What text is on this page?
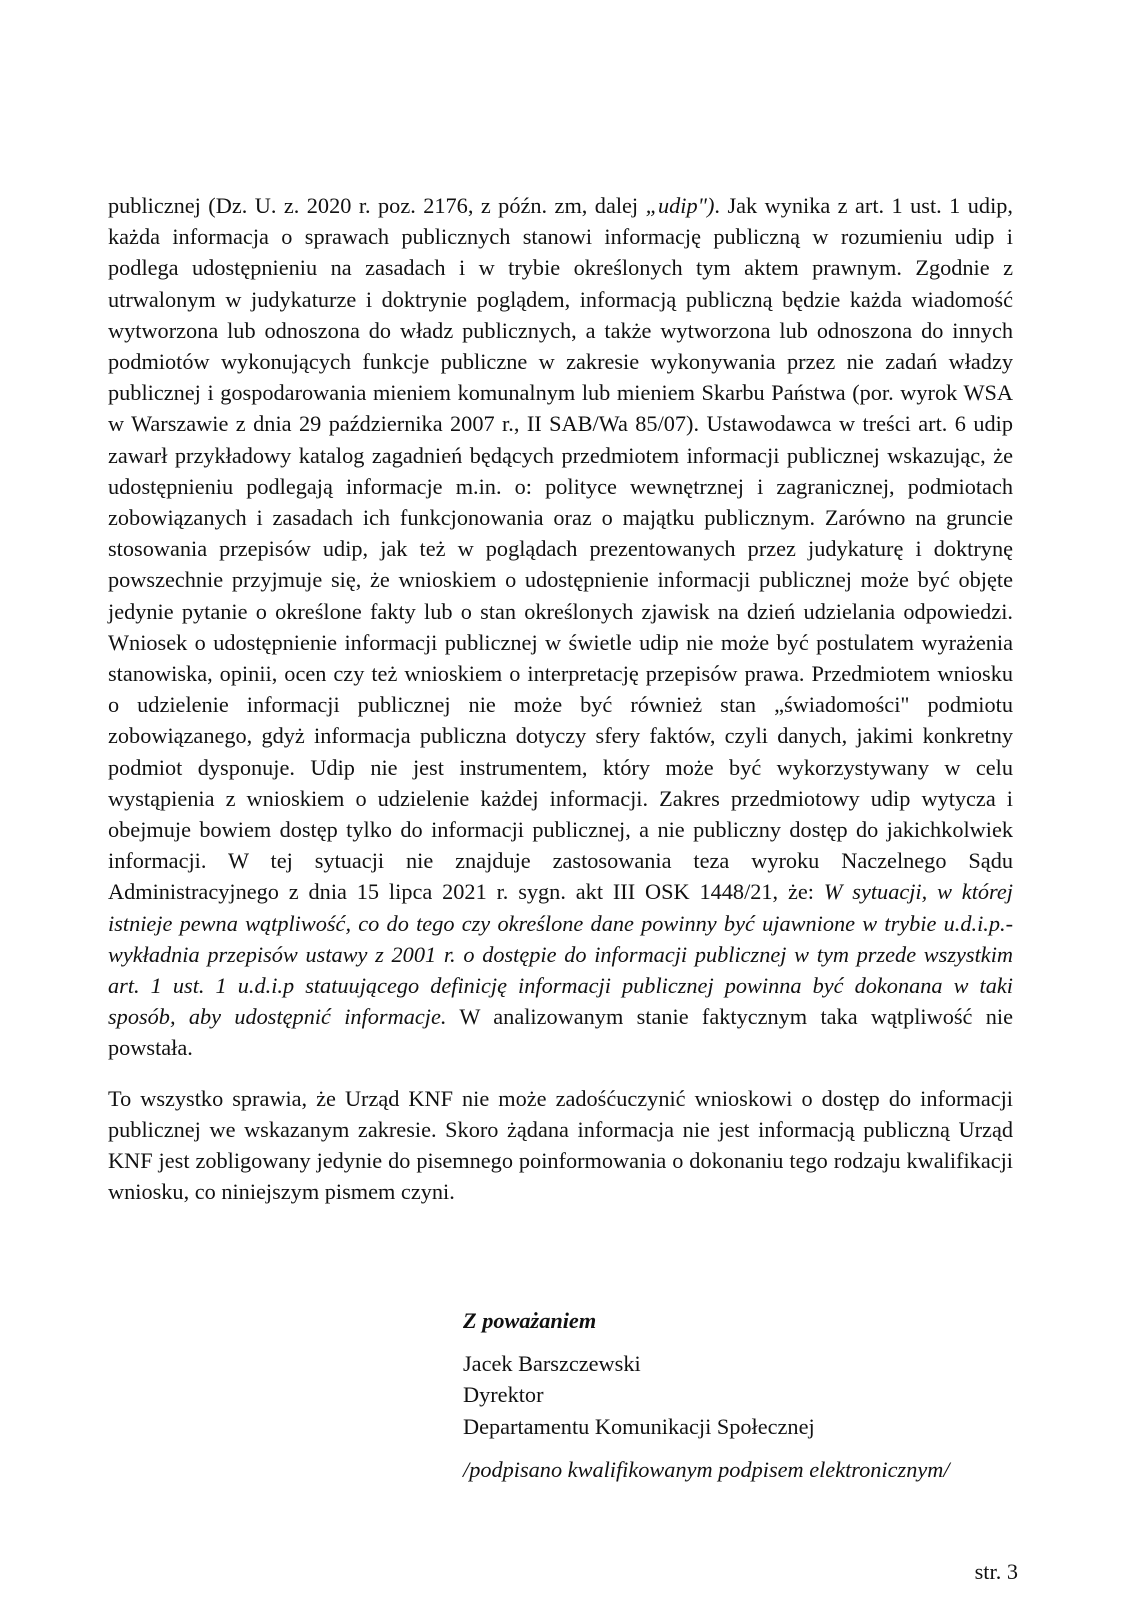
publicznej (Dz. U. z. 2020 r. poz. 2176, z późn. zm, dalej „udip"). Jak wynika z art. 1 ust. 1 udip, każda informacja o sprawach publicznych stanowi informację publiczną w rozumieniu udip i podlega udostępnieniu na zasadach i w trybie określonych tym aktem prawnym. Zgodnie z utrwalonym w judykaturze i doktrynie poglądem, informacją publiczną będzie każda wiadomość wytworzona lub odnoszona do władz publicznych, a także wytworzona lub odnoszona do innych podmiotów wykonujących funkcje publiczne w zakresie wykonywania przez nie zadań władzy publicznej i gospodarowania mieniem komunalnym lub mieniem Skarbu Państwa (por. wyrok WSA w Warszawie z dnia 29 października 2007 r., II SAB/Wa 85/07). Ustawodawca w treści art. 6 udip zawarł przykładowy katalog zagadnień będących przedmiotem informacji publicznej wskazując, że udostępnieniu podlegają informacje m.in. o: polityce wewnętrznej i zagranicznej, podmiotach zobowiązanych i zasadach ich funkcjonowania oraz o majątku publicznym. Zarówno na gruncie stosowania przepisów udip, jak też w poglądach prezentowanych przez judykaturę i doktrynę powszechnie przyjmuje się, że wnioskiem o udostępnienie informacji publicznej może być objęte jedynie pytanie o określone fakty lub o stan określonych zjawisk na dzień udzielania odpowiedzi. Wniosek o udostępnienie informacji publicznej w świetle udip nie może być postulatem wyrażenia stanowiska, opinii, ocen czy też wnioskiem o interpretację przepisów prawa. Przedmiotem wniosku o udzielenie informacji publicznej nie może być również stan „świadomości" podmiotu zobowiązanego, gdyż informacja publiczna dotyczy sfery faktów, czyli danych, jakimi konkretny podmiot dysponuje. Udip nie jest instrumentem, który może być wykorzystywany w celu wystąpienia z wnioskiem o udzielenie każdej informacji. Zakres przedmiotowy udip wytycza i obejmuje bowiem dostęp tylko do informacji publicznej, a nie publiczny dostęp do jakichkolwiek informacji. W tej sytuacji nie znajduje zastosowania teza wyroku Naczelnego Sądu Administracyjnego z dnia 15 lipca 2021 r. sygn. akt III OSK 1448/21, że: W sytuacji, w której istnieje pewna wątpliwość, co do tego czy określone dane powinny być ujawnione w trybie u.d.i.p.- wykładnia przepisów ustawy z 2001 r. o dostępie do informacji publicznej w tym przede wszystkim art. 1 ust. 1 u.d.i.p statuującego definicję informacji publicznej powinna być dokonana w taki sposób, aby udostępnić informacje. W analizowanym stanie faktycznym taka wątpliwość nie powstała.

To wszystko sprawia, że Urząd KNF nie może zadośćuczynić wnioskowi o dostęp do informacji publicznej we wskazanym zakresie. Skoro żądana informacja nie jest informacją publiczną Urząd KNF jest zobligowany jedynie do pisemnego poinformowania o dokonaniu tego rodzaju kwalifikacji wniosku, co niniejszym pismem czyni.

Z poważaniem
Jacek Barszczewski
Dyrektor
Departamentu Komunikacji Społecznej
/podpisano kwalifikowanym podpisem elektronicznym/
str. 3
